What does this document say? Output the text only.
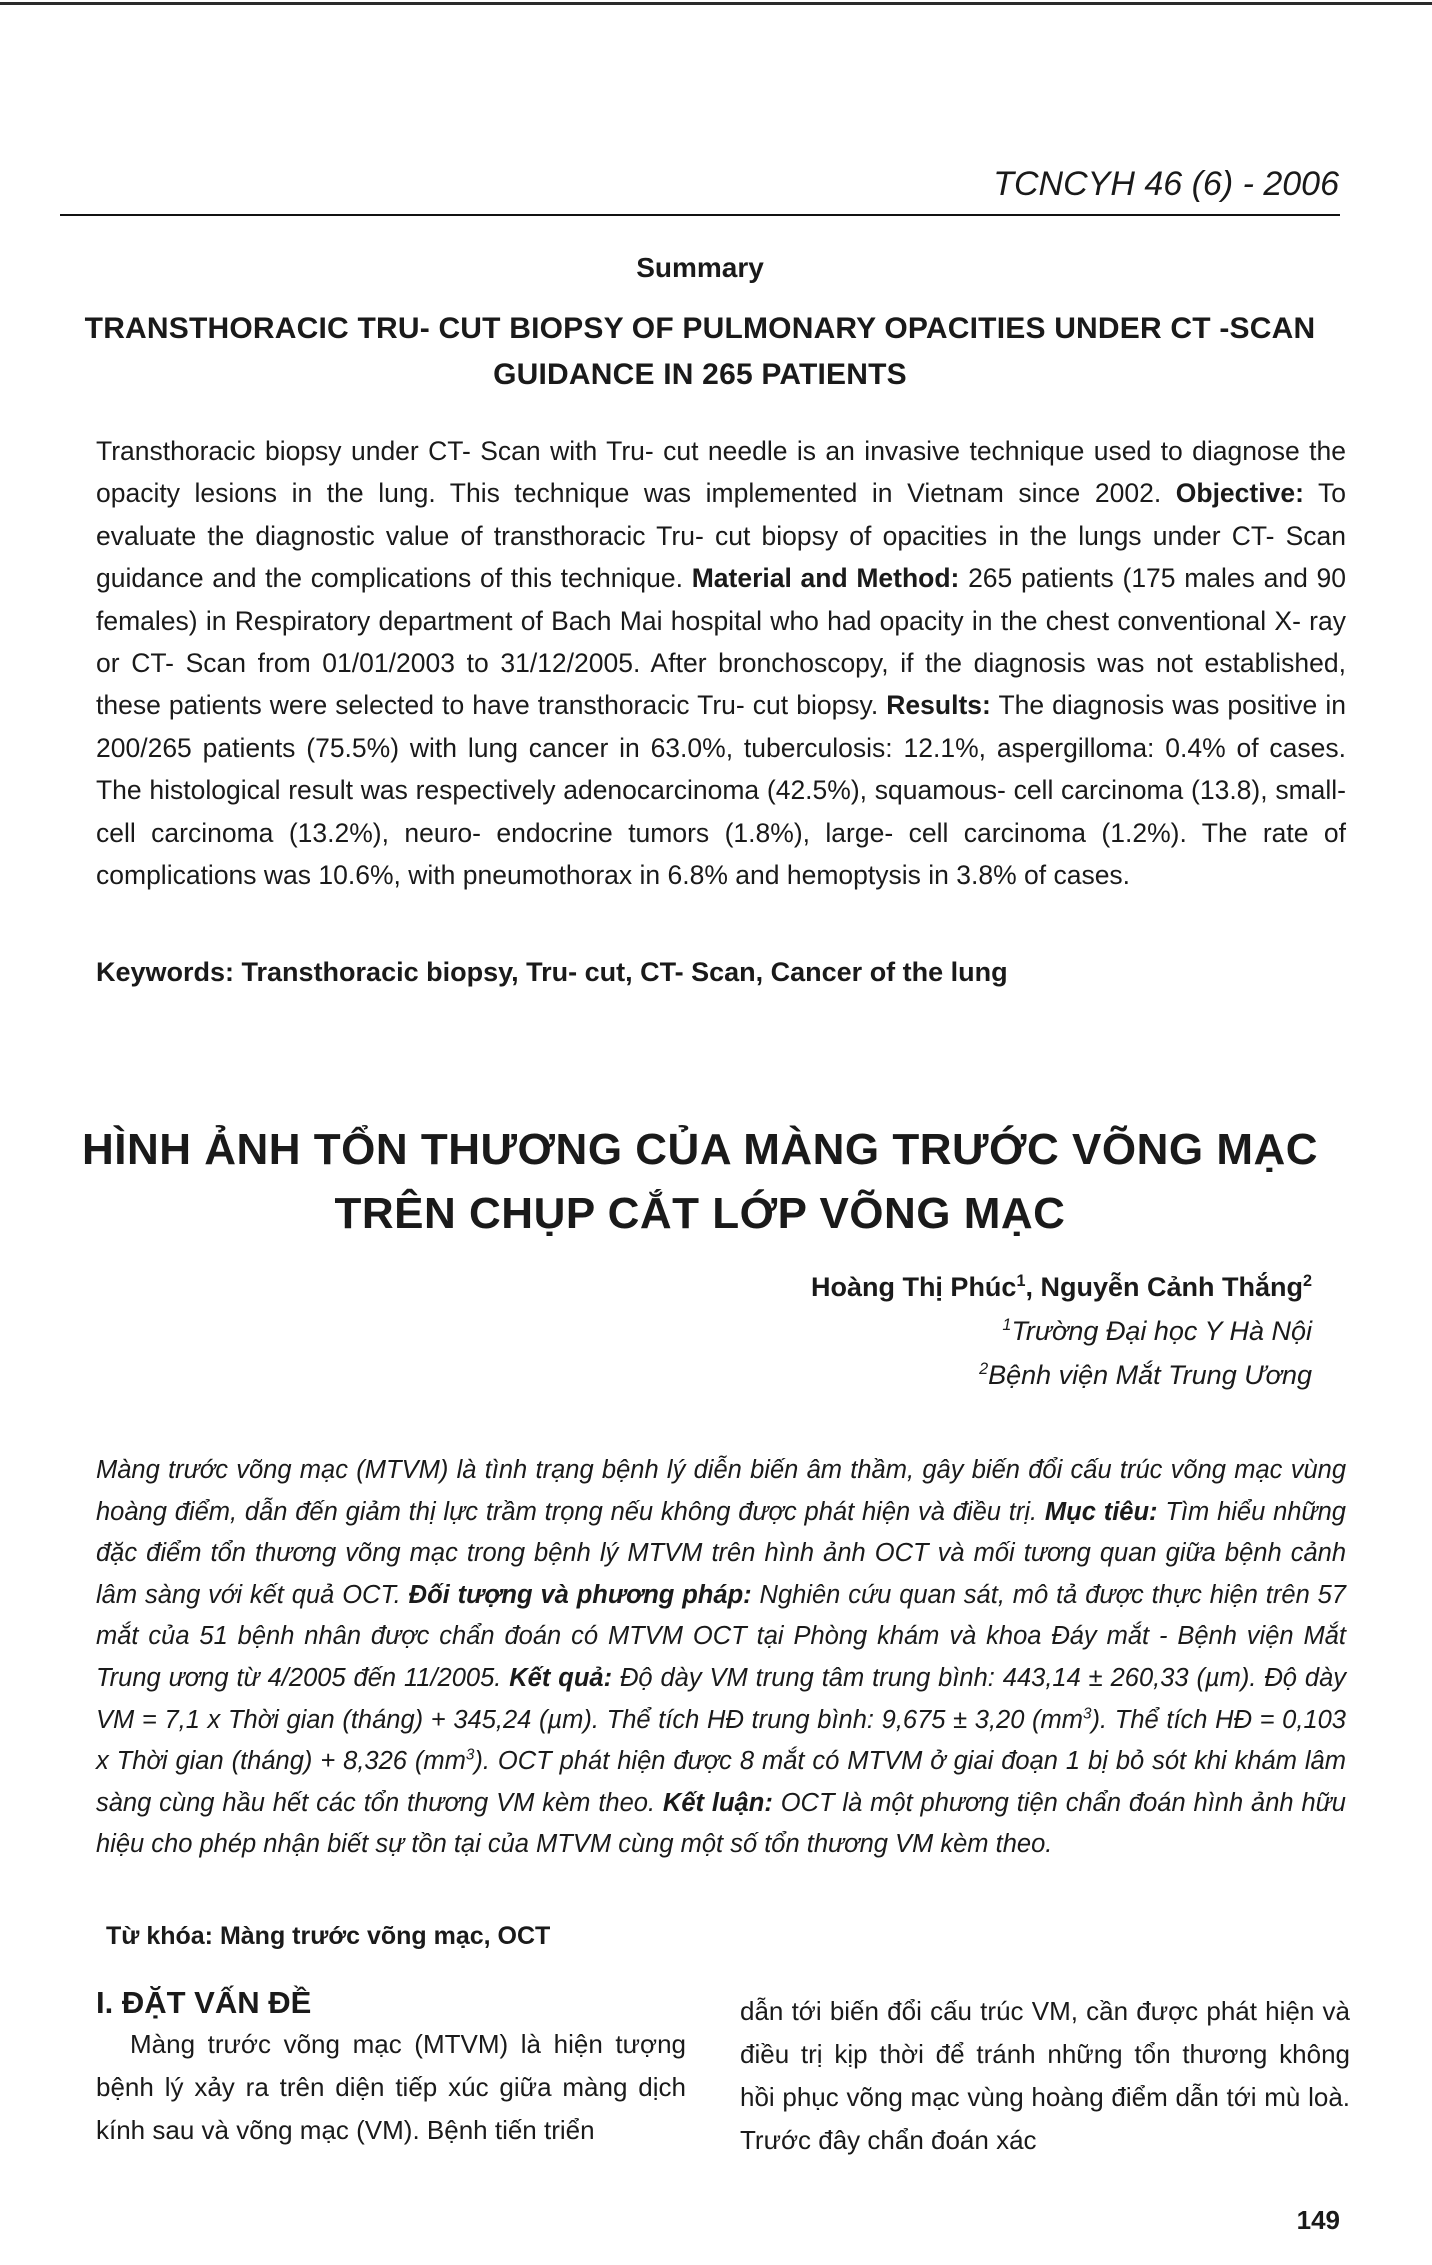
TCNCYH 46 (6) - 2006
Summary
TRANSTHORACIC TRU- CUT BIOPSY OF PULMONARY OPACITIES UNDER CT -SCAN
GUIDANCE IN 265 PATIENTS

Transthoracic biopsy under CT- Scan with Tru- cut needle is an invasive technique used to diagnose the opacity lesions in the lung. This technique was implemented in Vietnam since 2002. Objective: To evaluate the diagnostic value of transthoracic Tru- cut biopsy of opacities in the lungs under CT- Scan guidance and the complications of this technique. Material and Method: 265 patients (175 males and 90 females) in Respiratory department of Bach Mai hospital who had opacity in the chest conventional X- ray or CT- Scan from 01/01/2003 to 31/12/2005. After bronchoscopy, if the diagnosis was not established, these patients were selected to have transthoracic Tru- cut biopsy. Results: The diagnosis was positive in 200/265 patients (75.5%) with lung cancer in 63.0%, tuberculosis: 12.1%, aspergilloma: 0.4% of cases. The histological result was respectively adenocarcinoma (42.5%), squamous- cell carcinoma (13.8), small- cell carcinoma (13.2%), neuro- endocrine tumors (1.8%), large- cell carcinoma (1.2%). The rate of complications was 10.6%, with pneumothorax in 6.8% and hemoptysis in 3.8% of cases.

Keywords: Transthoracic biopsy, Tru- cut, CT- Scan, Cancer of the lung
HÌNH ẢNH TỔN THƯƠNG CỦA MÀNG TRƯỚC VÕNG MẠC
TRÊN CHỤP CẮT LỚP VÕNG MẠC
Hoàng Thị Phúc$^1$, Nguyễn Cảnh Thắng$^2$
$^1$Trường Đại học Y Hà Nội
$^2$Bệnh viện Mắt Trung Ương

Màng trước võng mạc (MTVM) là tình trạng bệnh lý diễn biến âm thầm, gây biến đổi cấu trúc võng mạc vùng hoàng điểm, dẫn đến giảm thị lực trầm trọng nếu không được phát hiện và điều trị. Mục tiêu: Tìm hiểu những đặc điểm tổn thương võng mạc trong bệnh lý MTVM trên hình ảnh OCT và mối tương quan giữa bệnh cảnh lâm sàng với kết quả OCT. Đối tượng và phương pháp: Nghiên cứu quan sát, mô tả được thực hiện trên 57 mắt của 51 bệnh nhân được chẩn đoán có MTVM OCT tại Phòng khám và khoa Đáy mắt - Bệnh viện Mắt Trung ương từ 4/2005 đến 11/2005. Kết quả: Độ dày VM trung tâm trung bình: 443,14 ± 260,33 (µm). Độ dày VM = 7,1 x Thời gian (tháng) + 345,24 (µm). Thể tích HĐ trung bình: 9,675 ± 3,20 $(mm^3)$. Thể tích HĐ = 0,103 x Thời gian (tháng) + 8,326 $(mm^3)$. OCT phát hiện được 8 mắt có MTVM ở giai đoạn 1 bị bỏ sót khi khám lâm sàng cùng hầu hết các tổn thương VM kèm theo. Kết luận: OCT là một phương tiện chẩn đoán hình ảnh hữu hiệu cho phép nhận biết sự tồn tại của MTVM cùng một số tổn thương VM kèm theo.

Từ khóa: Màng trước võng mạc, OCT
I. ĐẶT VẤN ĐỀ

Màng trước võng mạc (MTVM) là hiện tượng bệnh lý xảy ra trên diện tiếp xúc giữa màng dịch kính sau và võng mạc (VM). Bệnh tiến triển

dẫn tới biến đổi cấu trúc VM, cần được phát hiện và điều trị kịp thời để tránh những tổn thương không hồi phục võng mạc vùng hoàng điểm dẫn tới mù loà. Trước đây chẩn đoán xác

149
